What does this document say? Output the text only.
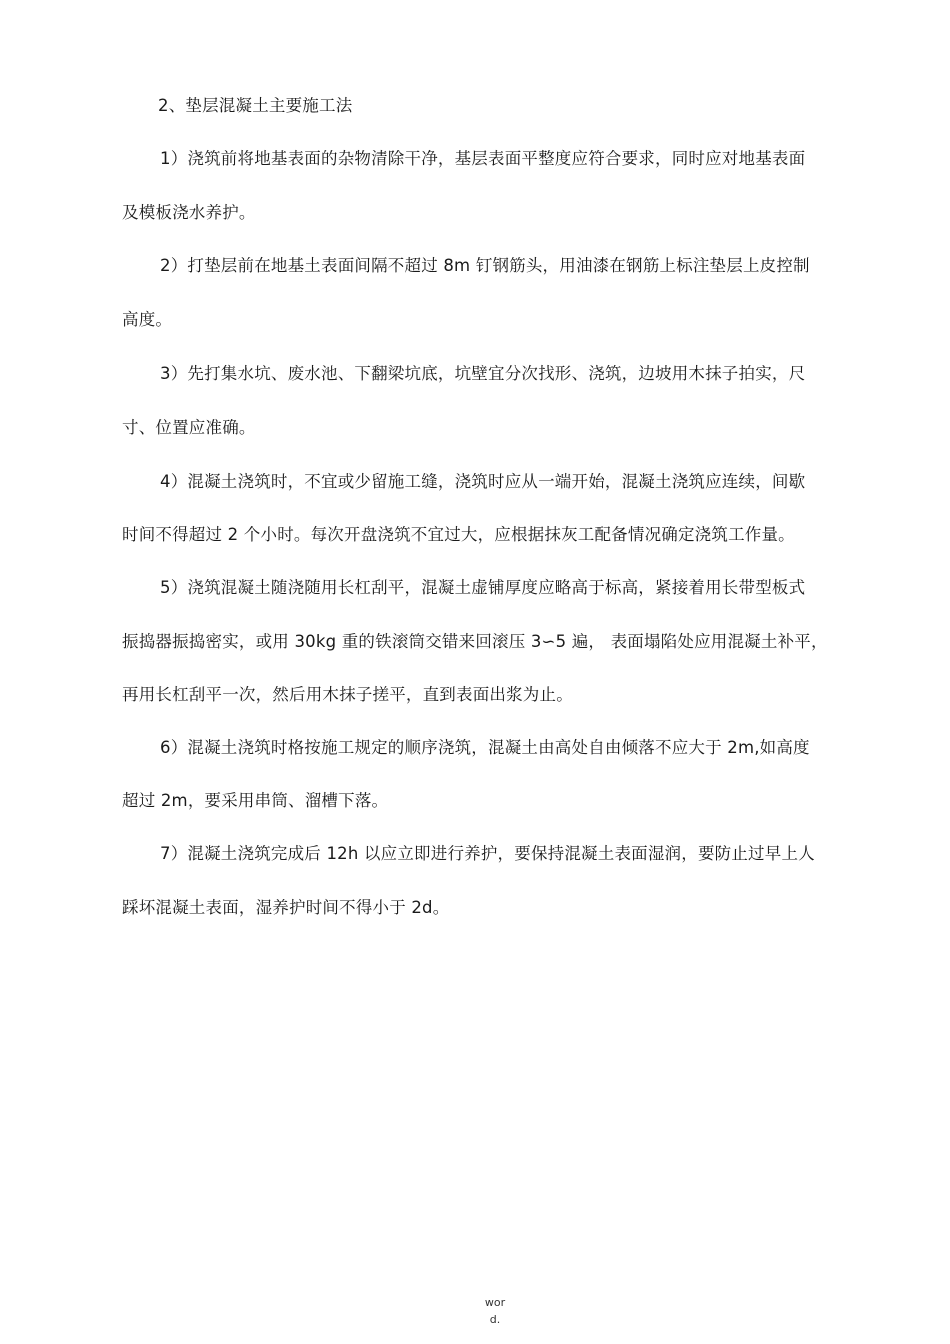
2、垫层混凝土主要施工法
1）浇筑前将地基表面的杂物清除干净，基层表面平整度应符合要求，同时应对地基表面
及模板浇水养护。
2）打垫层前在地基土表面间隔不超过 8m 钉钢筋头，用油漆在钢筋上标注垫层上皮控制
高度。
3）先打集水坑、废水池、下翻梁坑底，坑壁宜分次找形、浇筑，边坡用木抹子拍实，尺
寸、位置应准确。
4）混凝土浇筑时，不宜或少留施工缝，浇筑时应从一端开始，混凝土浇筑应连续，间歇
时间不得超过 2 个小时。每次开盘浇筑不宜过大，应根据抹灰工配备情况确定浇筑工作量。
5）浇筑混凝土随浇随用长杠刮平，混凝土虚铺厚度应略高于标高，紧接着用长带型板式
振捣器振捣密实，或用 30kg 重的铁滚筒交错来回滚压 3∽5 遍， 表面塌陷处应用混凝土补平，
再用长杠刮平一次，然后用木抹子搓平，直到表面出浆为止。
6）混凝土浇筑时格按施工规定的顺序浇筑，混凝土由高处自由倾落不应大于 2m,如高度
超过 2m，要采用串筒、溜槽下落。
7）混凝土浇筑完成后 12h 以应立即进行养护，要保持混凝土表面湿润，要防止过早上人
踩坏混凝土表面，湿养护时间不得小于 2d。
wor
d.
